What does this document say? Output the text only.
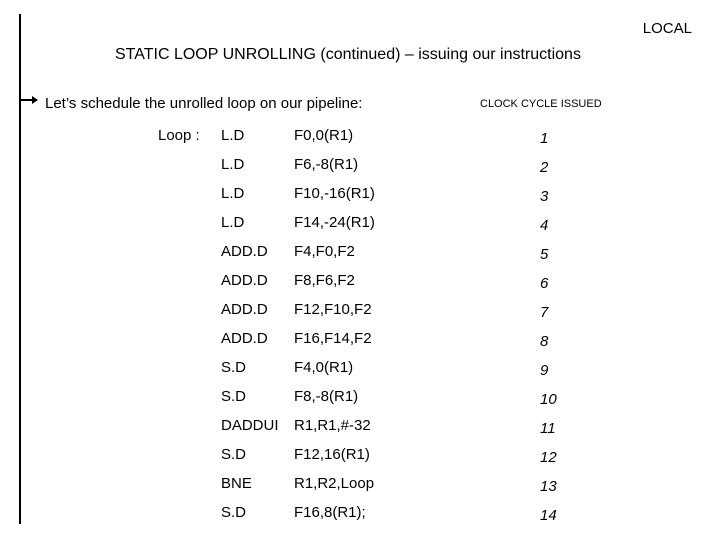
LOCAL
STATIC LOOP UNROLLING (continued) – issuing our instructions
Let’s schedule the unrolled loop on our pipeline:	CLOCK CYCLE ISSUED
Loop : L.D	F0,0(R1)	1
L.D	F6,-8(R1)	2
L.D	F10,-16(R1)	3
L.D	F14,-24(R1)	4
ADD.D F4,F0,F2	5
ADD.D F8,F6,F2	6
ADD.D F12,F10,F2	7
ADD.D F16,F14,F2	8
S.D	F4,0(R1)	9
S.D	F8,-8(R1)	10
DADDUI R1,R1,#-32	11
S.D	F12,16(R1)	12
BNE	R1,R2,Loop	13
S.D	F16,8(R1);	14
